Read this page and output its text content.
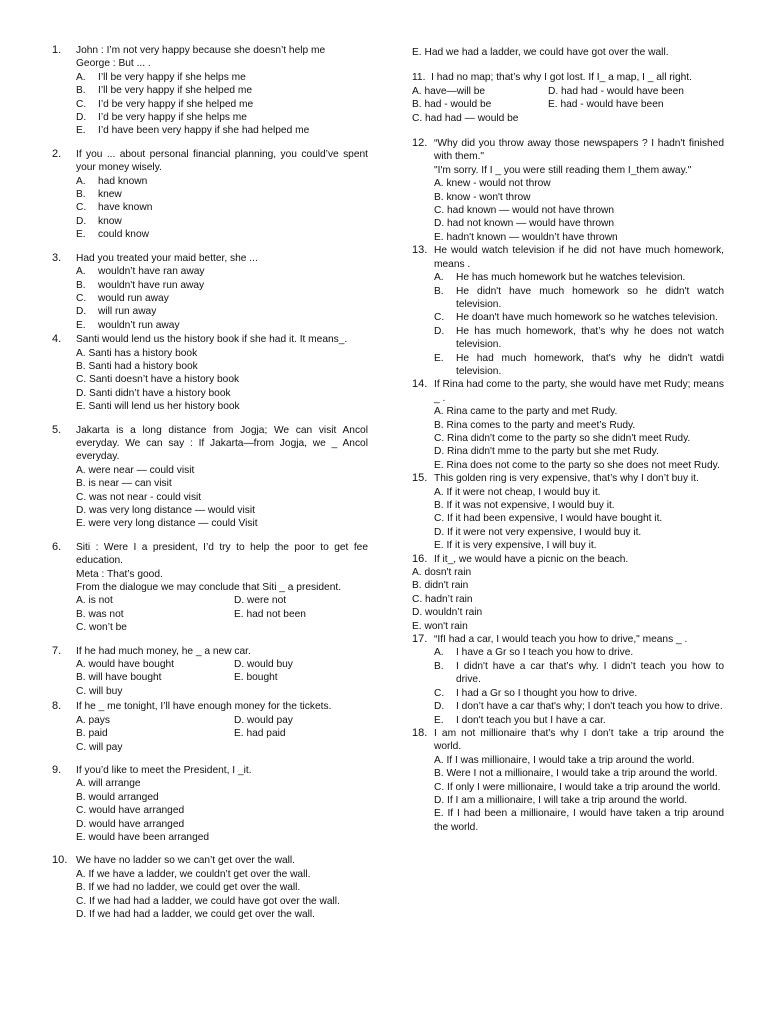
1. John : I’m not very happy because she doesn’t help me
George : But ... .
A. I’ll be very happy if she helps me
B. I’ll be very happy if she helped me
C. I’d be very happy if she helped me
D. I’d be very happy if she helps me
E. I’d have been very happy if she had helped me
2. If you ... about personal financial planning, you could’ve spent your money wisely.
A. had known
B. knew
C. have known
D. know
E. could know
3. Had you treated your maid better, she ...
A. wouldn’t have ran away
B. wouldn't have run away
C. would run away
D. will run away
E. wouldn’t run away
4. Santi would lend us the history book if she had it. It means_.
A. Santi has a history book
B. Santi had a history book
C. Santi doesn’t have a history book
D. Santi didn’t have a history book
E. Santi will lend us her history book
5. Jakarta is a long distance from Jogja; We can visit Ancol everyday. We can say : If Jakarta—from Jogja, we _ Ancol everyday.
A. were near — could visit
B. is near — can visit
C. was not near - could visit
D. was very long distance — would visit
E. were very long distance — could Visit
6. Siti : Were I a president, I’d try to help the poor to get fee education.
Meta : That’s good.
From the dialogue we may conclude that Siti _ a president.
A. is not	D. were not
B. was not	E. had not been
C. won’t be
7. If he had much money, he _ a new car.
A. would have bought	D. would buy
B. will have bought	E. bought
C. will buy
8. If he _ me tonight, I’ll have enough money for the tickets.
A. pays	D. would pay
B. paid	E. had paid
C. will pay
9. If you’d like to meet the President, I _it.
A. will arrange
B. would arranged
C. would have arranged
D. would have arranged
E. would have been arranged
10. We have no ladder so we can’t get over the wall.
A. If we have a ladder, we couldn’t get over the wall.
B. If we had no ladder, we could get over the wall.
C. If we had had a ladder, we could have got over the wall.
D. If we had had a ladder, we could get over the wall.
E. Had we had a ladder, we could have got over the wall.
11. I had no map; that’s why I got lost. If I_ a map, I _ all right.
A. have—will be	D. had had - would have been
B. had - would be	E. had - would have been
C. had had — would be
12. “Why did you throw away those newspapers ? I hadn't finished with them."
"I'm sorry. If I _ you were still reading them I_them away."
A. knew - would not throw
B. know - won't throw
C. had known — would not have thrown
D. had not known — would have thrown
E. hadn't known — wouldn’t have thrown
13. He would watch television if he did not have much homework, means .
A. He has much homework but he watches television.
B. He didn't have much homework so he didn't watch television.
C. He doan't have much homework so he watches television.
D. He has much homework, that’s why he does not watch television.
E. He had much homework, that's why he didn't watdi television.
14. If Rina had come to the party, she would have met Rudy; means _ .
A. Rina came to the party and met Rudy.
B. Rina comes to the party and meet’s Rudy.
C. Rina didn't come to the party so she didn't meet Rudy.
D. Rina didn't mme to the party but she met Rudy.
E. Rina does not come to the party so she does not meet Rudy.
15. This golden ring is very expensive, that’s why I don’t buy it.
A. If it were not cheap, I would buy it.
B. If it was not expensive, I would buy it.
C. If it had been expensive, I would have bought it.
D. If it were not very expensive, I would buy it.
E. If it is very expensive, I will buy it.
16. If it_, we would have a picnic on the beach.
A. dosn't rain
B. didn't rain
C. hadn’t rain
D. wouldn’t rain
E. won't rain
17. “IfI had a car, I would teach you how to drive," means _ .
A. I have a Gr so I teach you how to drive.
B. I didn't have a car that’s why. I didn’t teach you how to drive.
C. I had a Gr so I thought you how to drive.
D. I don’t have a car that's why; I don't teach you how to drive.
E. I don't teach you but I have a car.
18. I am not millionaire that's why I don’t take a trip around the world.
A. If I was millionaire, I would take a trip around the world.
B. Were I not a millionaire, I would take a trip around the world.
C. If only I were millionaire, I would take a trip around the world.
D. If I am a millionaire, I will take a trip around the world.
E. If I had been a millionaire, I would have taken a trip around the world.
